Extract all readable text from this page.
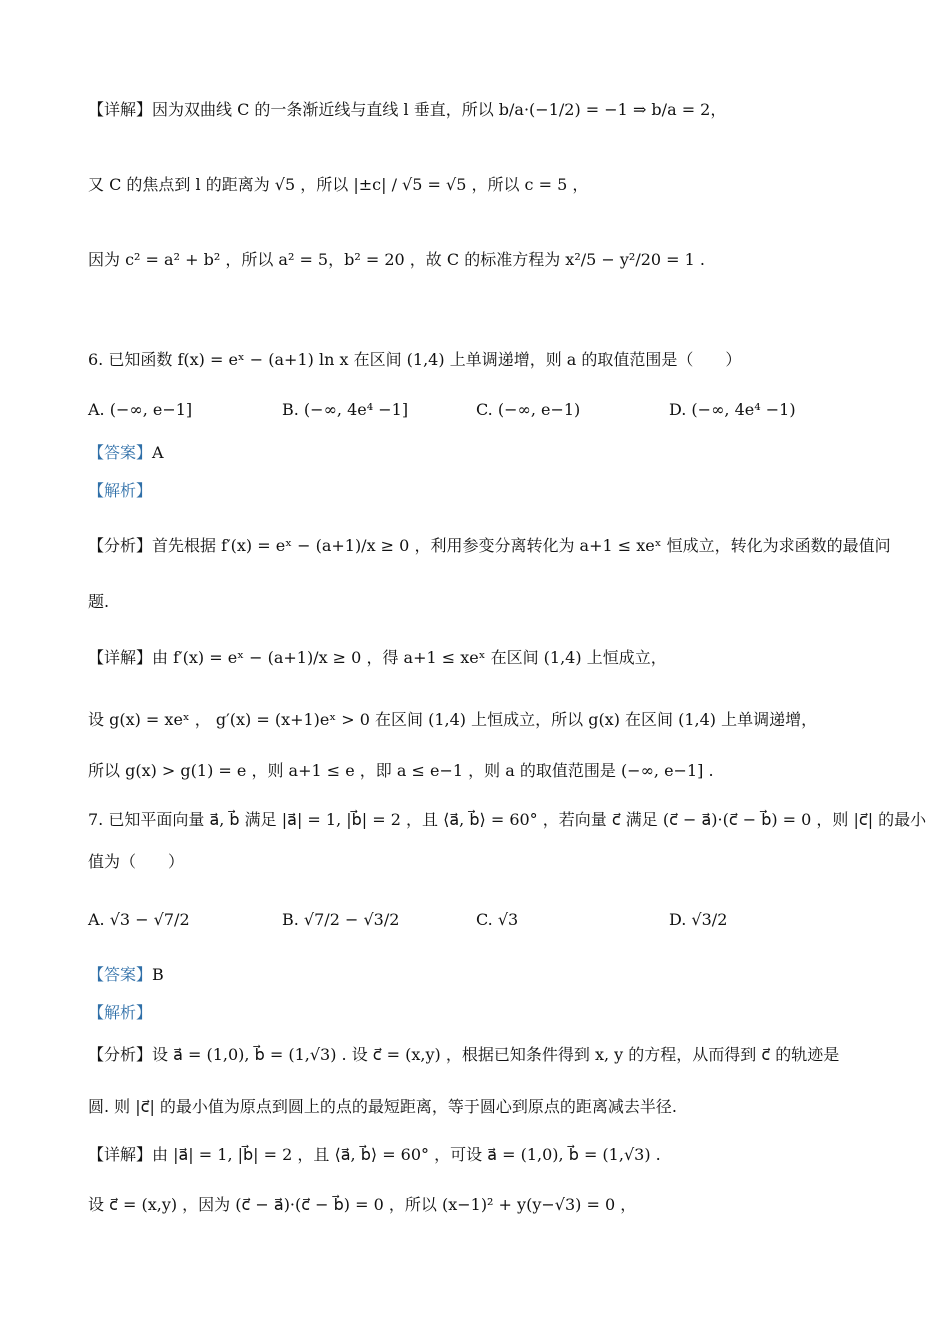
【详解】因为双曲线 C 的一条渐近线与直线 l 垂直，所以 b/a·(−1/2) = −1 ⇒ b/a = 2，
又 C 的焦点到 l 的距离为 √5 ，所以 |±c| / √5 = √5 ，所以 c = 5 ，
因为 c² = a² + b² ，所以 a² = 5，b² = 20 ，故 C 的标准方程为 x²/5 − y²/20 = 1 .
6. 已知函数 f(x) = eˣ − (a+1) ln x 在区间 (1,4) 上单调递增，则 a 的取值范围是（　　）
A. (−∞, e−1]	B. (−∞, 4e⁴ −1]	C. (−∞, e−1)	D. (−∞, 4e⁴ −1)
【答案】A
【解析】
【分析】首先根据 f′(x) = eˣ − (a+1)/x ≥ 0 ，利用参变分离转化为 a+1 ≤ xeˣ 恒成立，转化为求函数的最值问
题.
【详解】由 f′(x) = eˣ − (a+1)/x ≥ 0 ，得 a+1 ≤ xeˣ 在区间 (1,4) 上恒成立，
设 g(x) = xeˣ ， g′(x) = (x+1)eˣ > 0 在区间 (1,4) 上恒成立，所以 g(x) 在区间 (1,4) 上单调递增，
所以 g(x) > g(1) = e ，则 a+1 ≤ e ，即 a ≤ e−1 ，则 a 的取值范围是 (−∞, e−1] .
7. 已知平面向量 a⃗, b⃗ 满足 |a⃗| = 1, |b⃗| = 2 ，且 ⟨a⃗, b⃗⟩ = 60° ，若向量 c⃗ 满足 (c⃗ − a⃗)·(c⃗ − b⃗) = 0 ，则 |c⃗| 的最小
值为（　　）
A. √3 − √7/2	B. √7/2 − √3/2	C. √3	D. √3/2
【答案】B
【解析】
【分析】设 a⃗ = (1,0), b⃗ = (1,√3) . 设 c⃗ = (x,y) ，根据已知条件得到 x, y 的方程，从而得到 c⃗ 的轨迹是
圆. 则 |c⃗| 的最小值为原点到圆上的点的最短距离，等于圆心到原点的距离减去半径.
【详解】由 |a⃗| = 1, |b⃗| = 2 ，且 ⟨a⃗, b⃗⟩ = 60° ，可设 a⃗ = (1,0), b⃗ = (1,√3) .
设 c⃗ = (x,y) ，因为 (c⃗ − a⃗)·(c⃗ − b⃗) = 0 ，所以 (x−1)² + y(y−√3) = 0 ，
